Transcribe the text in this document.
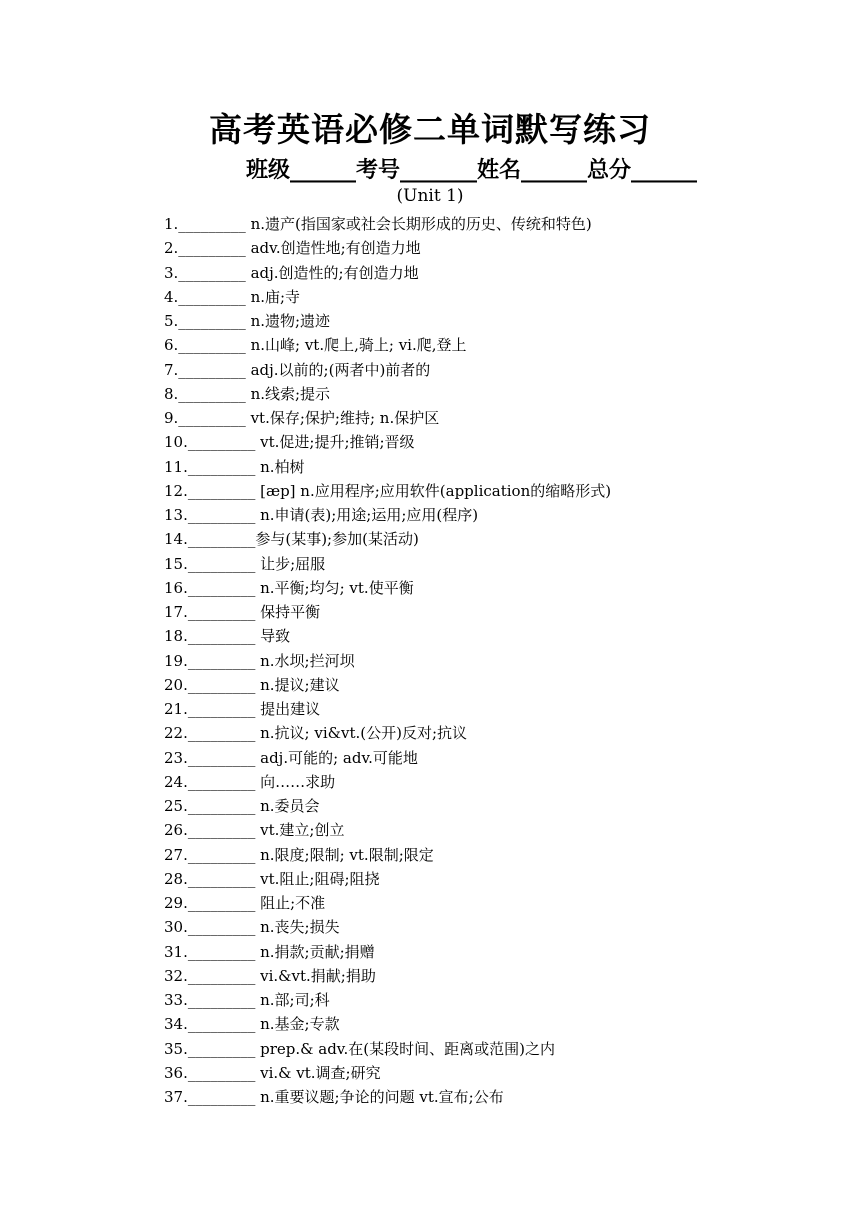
高考英语必修二单词默写练习
班级______考号_______姓名______总分______
(Unit 1)
1._________ n.遗产(指国家或社会长期形成的历史、传统和特色)
2._________ adv.创造性地;有创造力地
3._________ adj.创造性的;有创造力地
4._________ n.庙;寺
5._________ n.遗物;遗迹
6._________ n.山峰; vt.爬上,骑上; vi.爬,登上
7._________ adj.以前的;(两者中)前者的
8._________ n.线索;提示
9._________ vt.保存;保护;维持; n.保护区
10._________ vt.促进;提升;推销;晋级
11._________ n.柏树
12._________ [æp] n.应用程序;应用软件(application的缩略形式)
13._________ n.申请(表);用途;运用;应用(程序)
14._________参与(某事);参加(某活动)
15._________ 让步;屈服
16._________ n.平衡;均匀; vt.使平衡
17._________ 保持平衡
18._________ 导致
19._________ n.水坝;拦河坝
20._________ n.提议;建议
21._________ 提出建议
22._________ n.抗议; vi&vt.(公开)反对;抗议
23._________ adj.可能的; adv.可能地
24._________ 向……求助
25._________ n.委员会
26._________ vt.建立;创立
27._________ n.限度;限制; vt.限制;限定
28._________ vt.阻止;阻碍;阻挠
29._________ 阻止;不准
30._________ n.丧失;损失
31._________ n.捐款;贡献;捐赠
32._________ vi.&vt.捐献;捐助
33._________ n.部;司;科
34._________ n.基金;专款
35._________ prep.& adv.在(某段时间、距离或范围)之内
36._________ vi.& vt.调查;研究
37._________ n.重要议题;争论的问题 vt.宣布;公布
